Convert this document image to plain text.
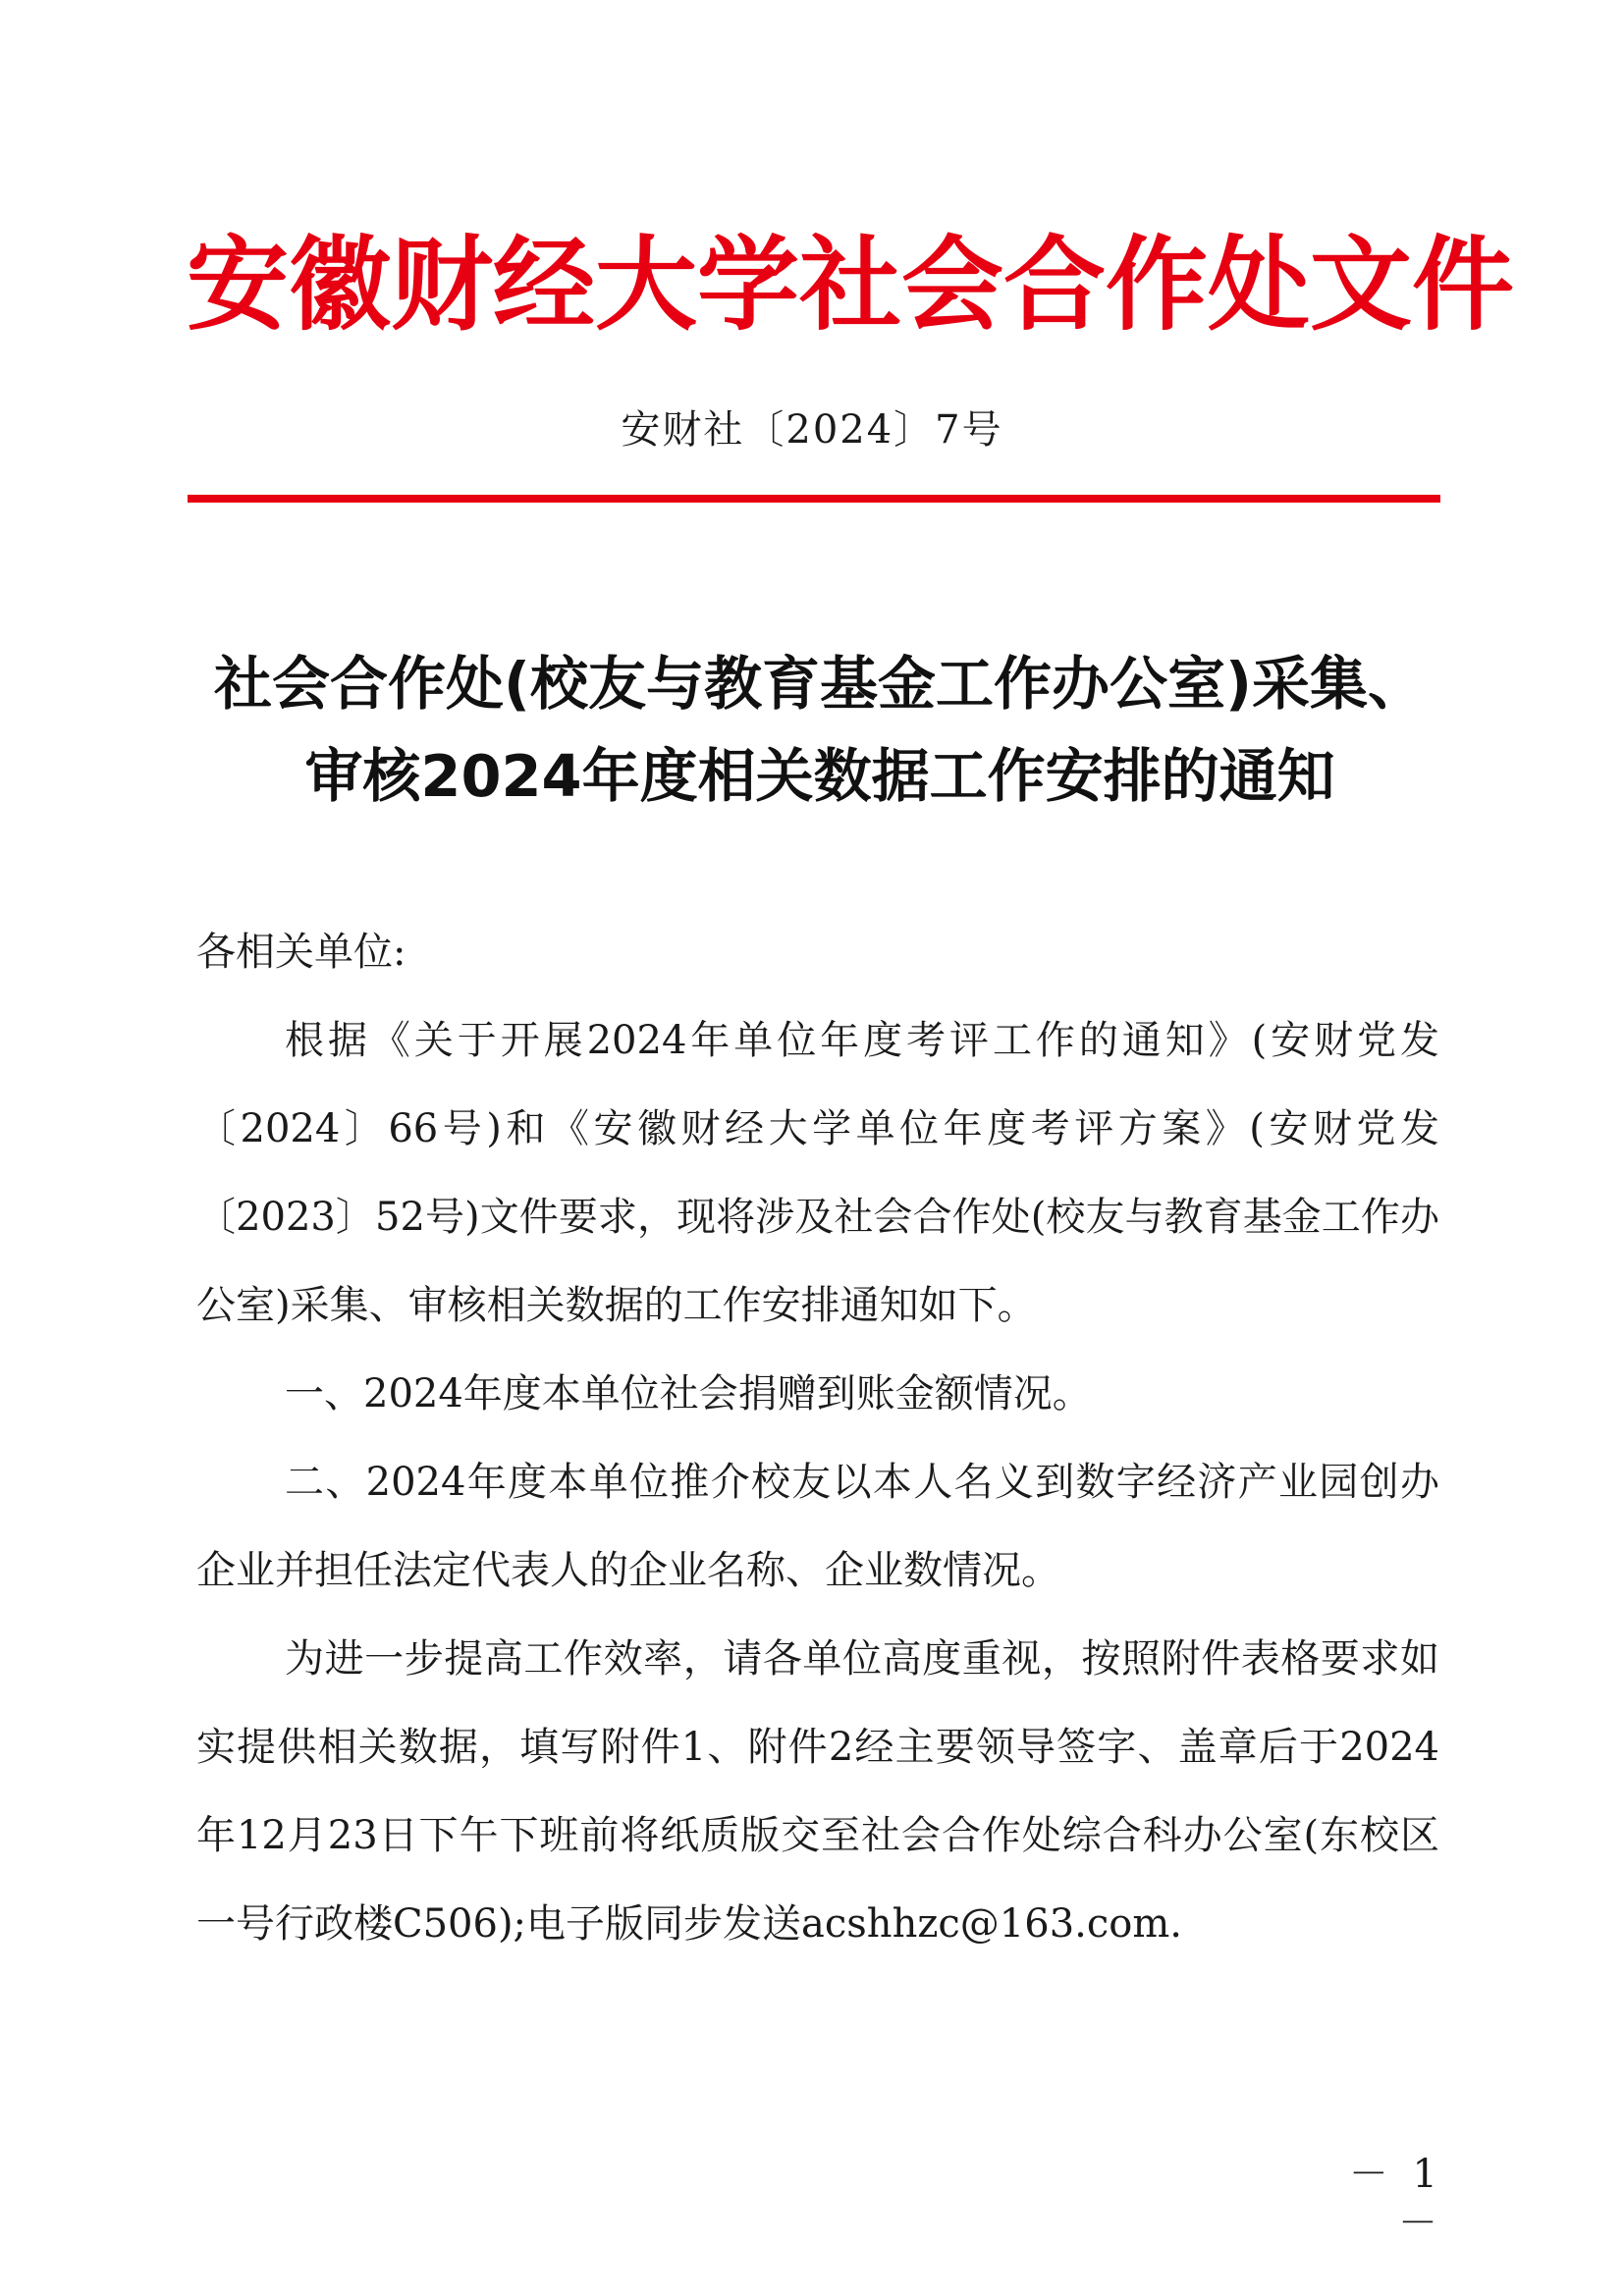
安徽财经大学社会合作处文件
安财社〔2024〕7号
社会合作处(校友与教育基金工作办公室)采集、
审核2024年度相关数据工作安排的通知

各相关单位:

根据《关于开展2024年单位年度考评工作的通知》(安财党发〔2024〕66号)和《安徽财经大学单位年度考评方案》(安财党发〔2023〕52号)文件要求，现将涉及社会合作处(校友与教育基金工作办公室)采集、审核相关数据的工作安排通知如下。

一、2024年度本单位社会捐赠到账金额情况。

二、2024年度本单位推介校友以本人名义到数字经济产业园创办企业并担任法定代表人的企业名称、企业数情况。

为进一步提高工作效率，请各单位高度重视，按照附件表格要求如实提供相关数据，填写附件1、附件2经主要领导签字、盖章后于2024年12月23日下午下班前将纸质版交至社会合作处综合科办公室(东校区一号行政楼C506);电子版同步发送acshhzc@163.com.

－ 1 －
